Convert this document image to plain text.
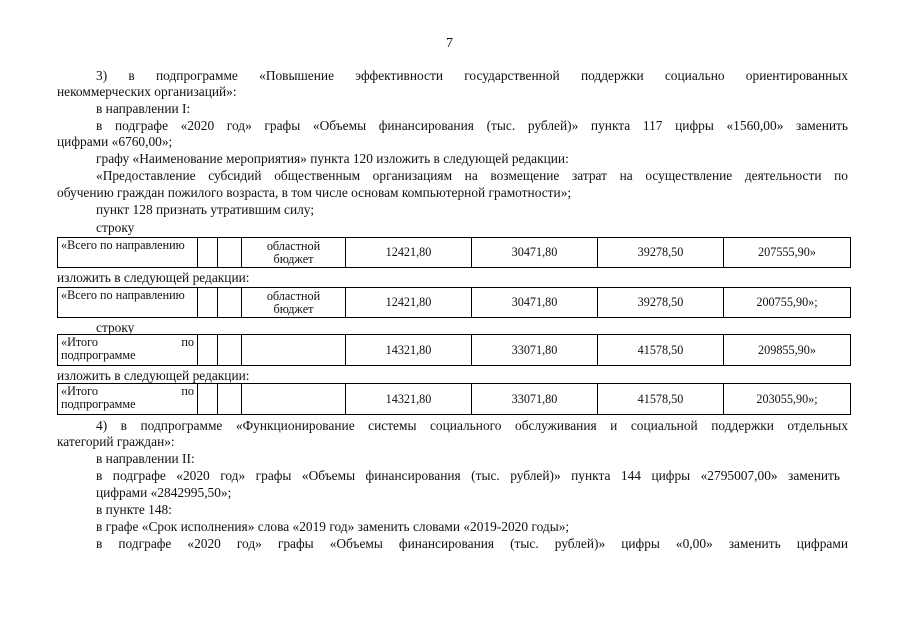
7
3) в подпрограмме «Повышение эффективности государственной поддержки социально ориентированных
некоммерческих организаций»:
в направлении I:
в подграфе «2020 год» графы «Объемы финансирования (тыс. рублей)» пункта 117 цифры «1560,00» заменить
цифрами «6760,00»;
графу «Наименование мероприятия» пункта 120 изложить в следующей редакции:
«Предоставление субсидий общественным организациям на возмещение затрат на осуществление деятельности по
обучению граждан пожилого возраста, в том числе основам компьютерной грамотности»;
пункт 128 признать утратившим силу;
строку
«Всего по направлению			областной
бюджет	12421,80	30471,80	39278,50	207555,90»
изложить в следующей редакции:
«Всего по направлению			областной
бюджет	12421,80	30471,80	39278,50	200755,90»;
строку
«Итого	по
подпрограмме				14321,80	33071,80	41578,50	209855,90»
изложить в следующей редакции:
«Итого	по
подпрограмме				14321,80	33071,80	41578,50	203055,90»;
4) в подпрограмме «Функционирование системы социального обслуживания и социальной поддержки отдельных
категорий граждан»:
в направлении II:
в подграфе «2020 год» графы «Объемы финансирования (тыс. рублей)» пункта 144 цифры «2795007,00» заменить
цифрами «2842995,50»;
в пункте 148:
в графе «Срок исполнения» слова «2019 год» заменить словами «2019-2020 годы»;
в подграфе «2020 год» графы «Объемы финансирования (тыс. рублей)» цифры «0,00» заменить цифрами
